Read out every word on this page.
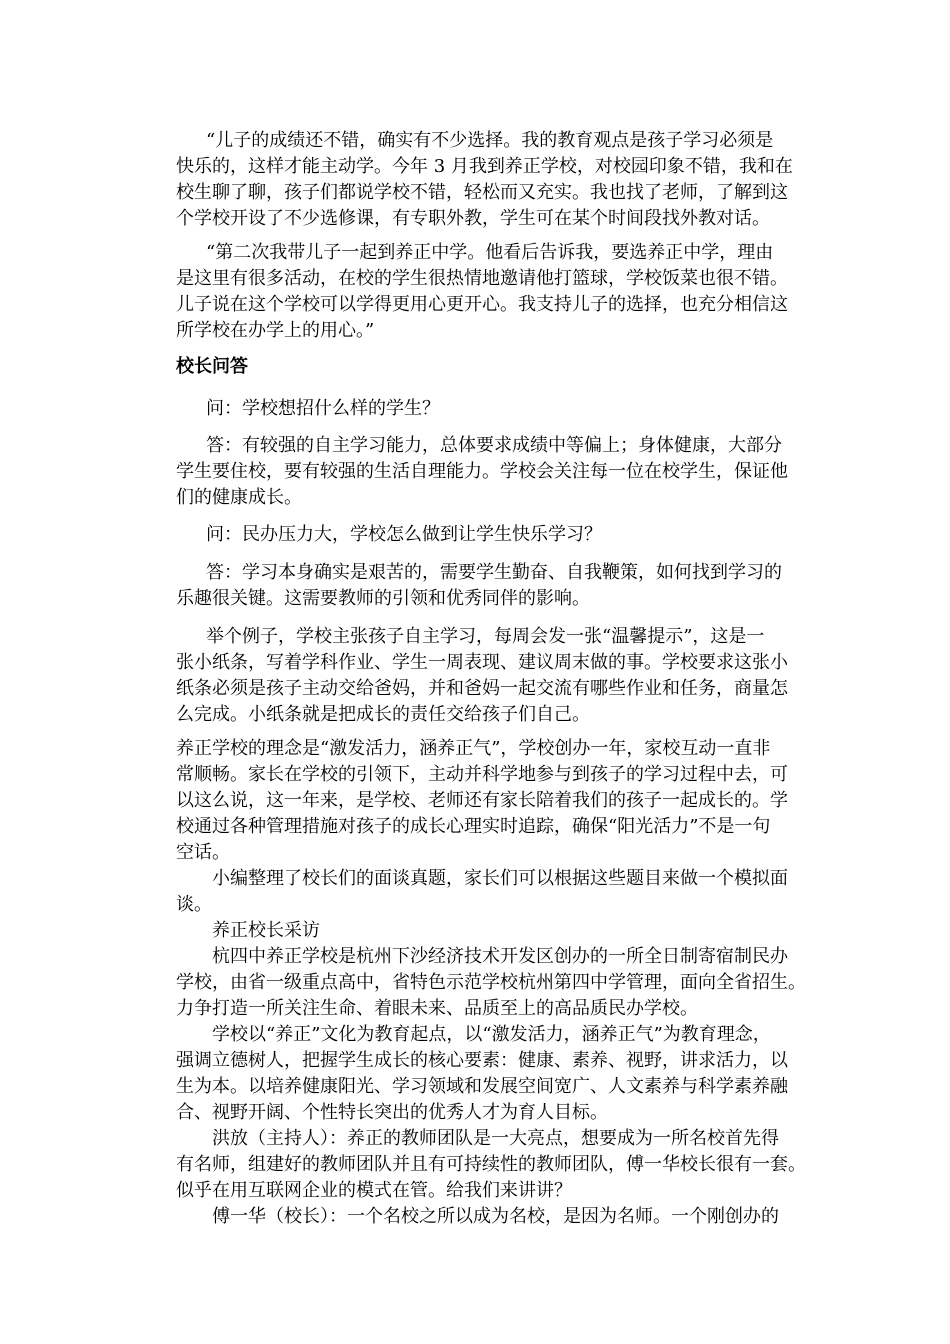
“儿子的成绩还不错，确实有不少选择。我的教育观点是孩子学习必须是
快乐的，这样才能主动学。今年 3 月我到养正学校，对校园印象不错，我和在
校生聊了聊，孩子们都说学校不错，轻松而又充实。我也找了老师，了解到这
个学校开设了不少选修课，有专职外教，学生可在某个时间段找外教对话。
“第二次我带儿子一起到养正中学。他看后告诉我，要选养正中学，理由
是这里有很多活动，在校的学生很热情地邀请他打篮球，学校饭菜也很不错。
儿子说在这个学校可以学得更用心更开心。我支持儿子的选择，也充分相信这
所学校在办学上的用心。”
校长问答
问：学校想招什么样的学生？
答：有较强的自主学习能力，总体要求成绩中等偏上；身体健康，大部分
学生要住校，要有较强的生活自理能力。学校会关注每一位在校学生，保证他
们的健康成长。
问：民办压力大，学校怎么做到让学生快乐学习？
答：学习本身确实是艰苦的，需要学生勤奋、自我鞭策，如何找到学习的
乐趣很关键。这需要教师的引领和优秀同伴的影响。
举个例子，学校主张孩子自主学习，每周会发一张“温馨提示”，这是一
张小纸条，写着学科作业、学生一周表现、建议周末做的事。学校要求这张小
纸条必须是孩子主动交给爸妈，并和爸妈一起交流有哪些作业和任务，商量怎
么完成。小纸条就是把成长的责任交给孩子们自己。
养正学校的理念是“激发活力，涵养正气”，学校创办一年，家校互动一直非
常顺畅。家长在学校的引领下，主动并科学地参与到孩子的学习过程中去，可
以这么说，这一年来，是学校、老师还有家长陪着我们的孩子一起成长的。学
校通过各种管理措施对孩子的成长心理实时追踪，确保“阳光活力”不是一句
空话。
小编整理了校长们的面谈真题，家长们可以根据这些题目来做一个模拟面
谈。
养正校长采访
杭四中养正学校是杭州下沙经济技术开发区创办的一所全日制寄宿制民办
学校，由省一级重点高中，省特色示范学校杭州第四中学管理，面向全省招生。
力争打造一所关注生命、着眼未来、品质至上的高品质民办学校。
学校以“养正”文化为教育起点，以“激发活力，涵养正气”为教育理念，
强调立德树人，把握学生成长的核心要素：健康、素养、视野，讲求活力，以
生为本。以培养健康阳光、学习领域和发展空间宽广、人文素养与科学素养融
合、视野开阔、个性特长突出的优秀人才为育人目标。
洪放（主持人）：养正的教师团队是一大亮点，想要成为一所名校首先得
有名师，组建好的教师团队并且有可持续性的教师团队，傅一华校长很有一套。
似乎在用互联网企业的模式在管。给我们来讲讲？
傅一华（校长）：一个名校之所以成为名校，是因为名师。一个刚创办的
